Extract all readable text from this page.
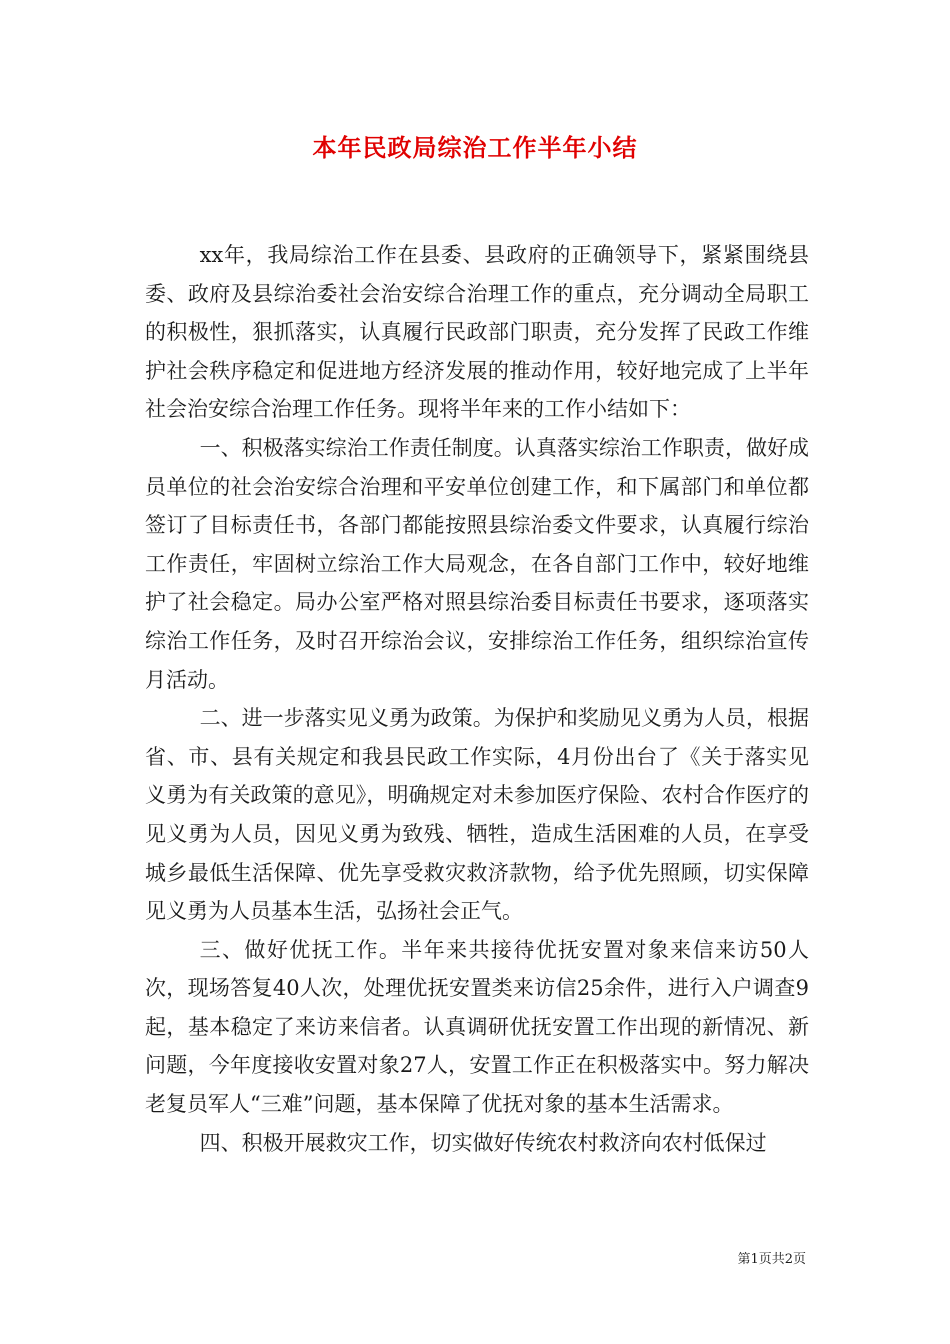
本年民政局综治工作半年小结

xx年，我局综治工作在县委、县政府的正确领导下，紧紧围绕县委、政府及县综治委社会治安综合治理工作的重点，充分调动全局职工的积极性，狠抓落实，认真履行民政部门职责，充分发挥了民政工作维护社会秩序稳定和促进地方经济发展的推动作用，较好地完成了上半年社会治安综合治理工作任务。现将半年来的工作小结如下：

一、积极落实综治工作责任制度。认真落实综治工作职责，做好成员单位的社会治安综合治理和平安单位创建工作，和下属部门和单位都签订了目标责任书，各部门都能按照县综治委文件要求，认真履行综治工作责任，牢固树立综治工作大局观念，在各自部门工作中，较好地维护了社会稳定。局办公室严格对照县综治委目标责任书要求，逐项落实综治工作任务，及时召开综治会议，安排综治工作任务，组织综治宣传月活动。

二、进一步落实见义勇为政策。为保护和奖励见义勇为人员，根据省、市、县有关规定和我县民政工作实际，4月份出台了《关于落实见义勇为有关政策的意见》，明确规定对未参加医疗保险、农村合作医疗的见义勇为人员，因见义勇为致残、牺牲，造成生活困难的人员，在享受城乡最低生活保障、优先享受救灾救济款物，给予优先照顾，切实保障见义勇为人员基本生活，弘扬社会正气。

三、做好优抚工作。半年来共接待优抚安置对象来信来访50人次，现场答复40人次，处理优抚安置类来访信25余件，进行入户调查9起，基本稳定了来访来信者。认真调研优抚安置工作出现的新情况、新问题，今年度接收安置对象27人，安置工作正在积极落实中。努力解决老复员军人“三难”问题，基本保障了优抚对象的基本生活需求。

四、积极开展救灾工作，切实做好传统农村救济向农村低保过

第1页共2页
